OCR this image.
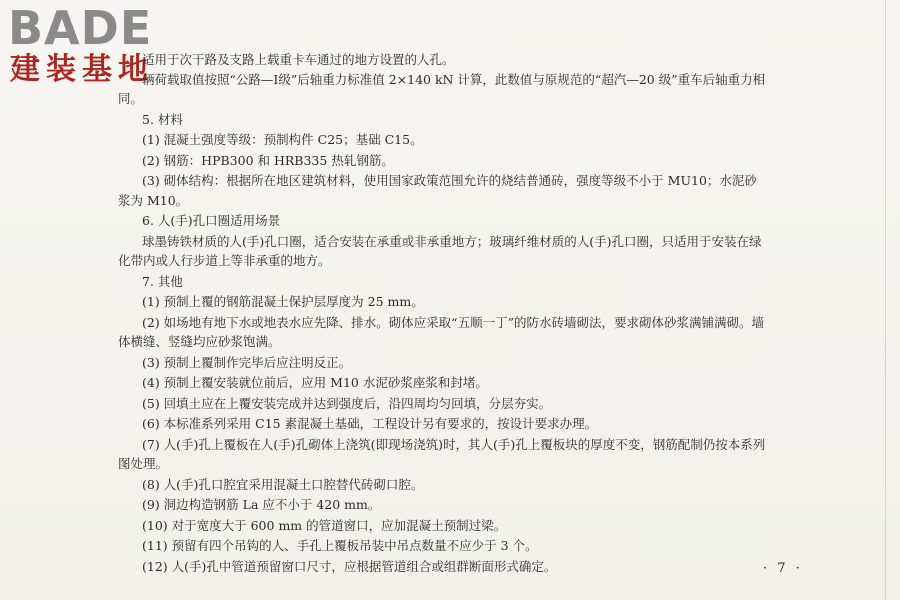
BADE
建装基地

适用于次干路及支路上载重卡车通过的地方设置的人孔。

辆荷载取值按照“公路—Ⅰ级”后轴重力标准值 2×140 kN 计算，此数值与原规范的“超汽—20 级”重车后轴重力相同。

5. 材料

(1) 混凝土强度等级：预制构件 C25；基础 C15。

(2) 钢筋：HPB300 和 HRB335 热轧钢筋。

(3) 砌体结构：根据所在地区建筑材料，使用国家政策范围允许的烧结普通砖，强度等级不小于 MU10；水泥砂浆为 M10。

6. 人(手)孔口圈适用场景

球墨铸铁材质的人(手)孔口圈，适合安装在承重或非承重地方；玻璃纤维材质的人(手)孔口圈，只适用于安装在绿化带内或人行步道上等非承重的地方。

7. 其他

(1) 预制上覆的钢筋混凝土保护层厚度为 25 mm。

(2) 如场地有地下水或地表水应先降、排水。砌体应采取“五顺一丁”的防水砖墙砌法，要求砌体砂浆满铺满砌。墙体横缝、竖缝均应砂浆饱满。

(3) 预制上覆制作完毕后应注明反正。

(4) 预制上覆安装就位前后，应用 M10 水泥砂浆座浆和封堵。

(5) 回填土应在上覆安装完成并达到强度后，沿四周均匀回填，分层夯实。

(6) 本标准系列采用 C15 素混凝土基础，工程设计另有要求的，按设计要求办理。

(7) 人(手)孔上覆板在人(手)孔砌体上浇筑(即现场浇筑)时，其人(手)孔上覆板块的厚度不变，钢筋配制仍按本系列图处理。

(8) 人(手)孔口腔宜采用混凝土口腔替代砖砌口腔。

(9) 洞边构造钢筋 La 应不小于 420 mm。

(10) 对于宽度大于 600 mm 的管道窗口，应加混凝土预制过梁。

(11) 预留有四个吊钩的人、手孔上覆板吊装中吊点数量不应少于 3 个。

(12) 人(手)孔中管道预留窗口尺寸，应根据管道组合或组群断面形式确定。	· 7 ·
